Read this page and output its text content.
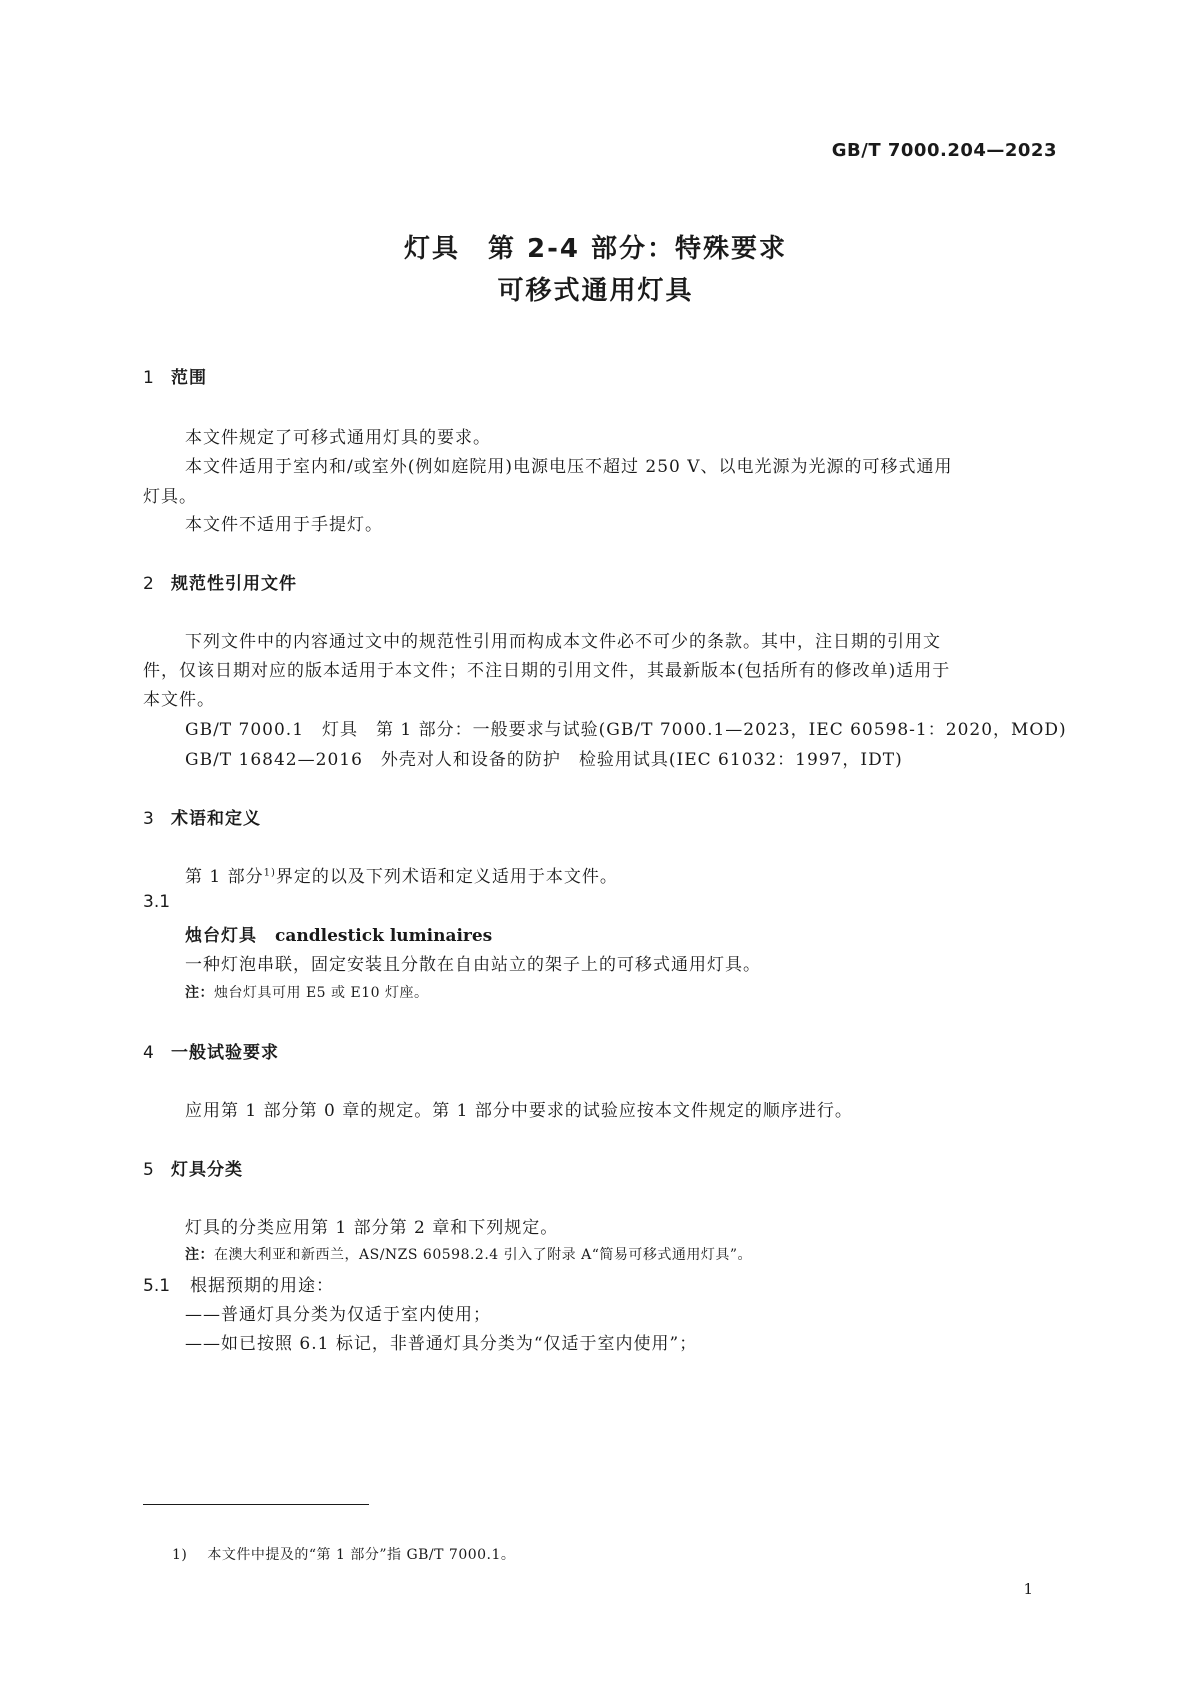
GB/T 7000.204—2023
灯具　第 2-4 部分：特殊要求
可移式通用灯具
1 范围
本文件规定了可移式通用灯具的要求。
本文件适用于室内和/或室外(例如庭院用)电源电压不超过 250 V、以电光源为光源的可移式通用
灯具。
本文件不适用于手提灯。
2 规范性引用文件
下列文件中的内容通过文中的规范性引用而构成本文件必不可少的条款。其中，注日期的引用文
件，仅该日期对应的版本适用于本文件；不注日期的引用文件，其最新版本(包括所有的修改单)适用于
本文件。
GB/T 7000.1　灯具　第 1 部分：一般要求与试验(GB/T 7000.1—2023，IEC 60598-1：2020，MOD)
GB/T 16842—2016　外壳对人和设备的防护　检验用试具(IEC 61032：1997，IDT)
3 术语和定义
第 1 部分$^{1)}$界定的以及下列术语和定义适用于本文件。
3.1
烛台灯具 candlestick luminaires
一种灯泡串联，固定安装且分散在自由站立的架子上的可移式通用灯具。
注：烛台灯具可用 E5 或 E10 灯座。
4 一般试验要求
应用第 1 部分第 0 章的规定。第 1 部分中要求的试验应按本文件规定的顺序进行。
5 灯具分类
灯具的分类应用第 1 部分第 2 章和下列规定。
注：在澳大利亚和新西兰，AS/NZS 60598.2.4 引入了附录 A“简易可移式通用灯具”。
5.1 根据预期的用途：
——普通灯具分类为仅适于室内使用；
——如已按照 6.1 标记，非普通灯具分类为“仅适于室内使用”；
1) 本文件中提及的“第 1 部分”指 GB/T 7000.1。
1
